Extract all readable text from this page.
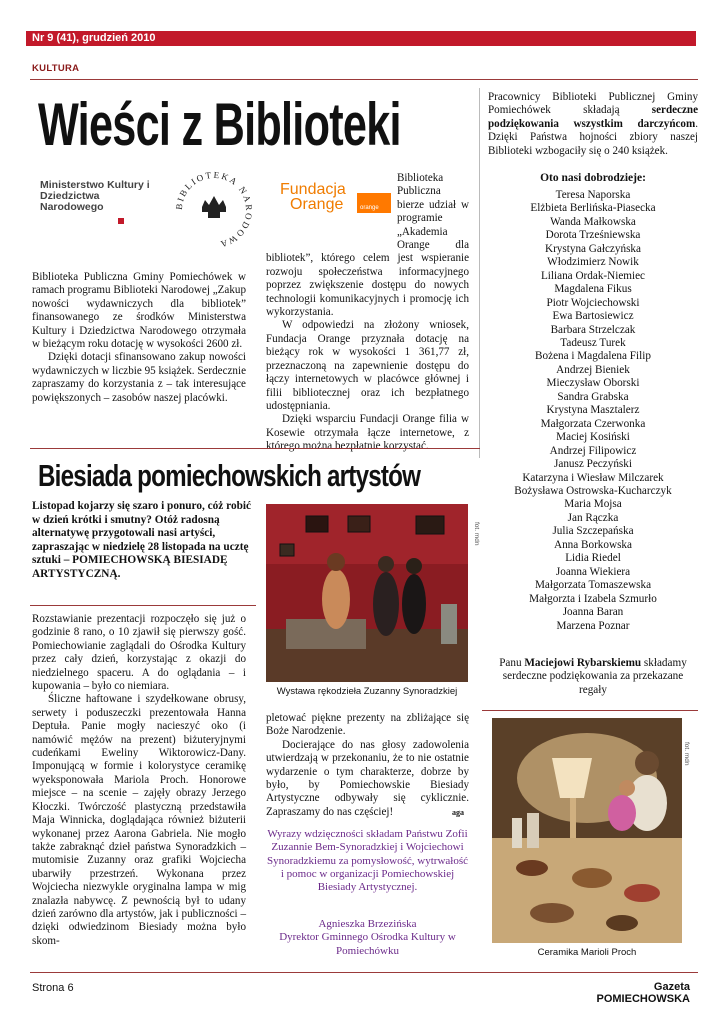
Nr 9 (41), grudzień 2010
KULTURA
Wieści z Biblioteki
Ministerstwo Kultury i Dziedzictwa Narodowego	BIBLIOTEKA NARODOWA
Fundacja
Orange	orange

Biblioteka Publiczna Gminy Pomiechówek w ramach programu Biblioteki Narodowej „Zakup nowości wydawniczych dla bibliotek” finansowanego ze środków Ministerstwa Kultury i Dziedzictwa Narodowego otrzymała w bieżącym roku dotację w wysokości 2600 zł.

Dzięki dotacji sfinansowano zakup nowości wydawniczych w liczbie 95 książek. Serdecznie zapraszamy do korzystania z – tak interesujące powiększonych – zasobów naszej placówki.

Biblioteka Publiczna bierze udział w programie „Akademia Orange dla bibliotek”, którego celem jest wspieranie rozwoju społeczeństwa informacyjnego poprzez zwiększenie dostępu do nowych technologii komunikacyjnych i promocję ich wykorzystania.

W odpowiedzi na złożony wniosek, Fundacja Orange przyznała dotację na bieżący rok w wysokości 1 361,77 zł, przeznaczoną na zapewnienie dostępu do łączy internetowych w placówce głównej i filii bibliotecznej oraz ich bezpłatnego udostępniania.

Dzięki wsparciu Fundacji Orange filia w Kosewie otrzymała łącze internetowe, z którego można bezpłatnie korzystać.

Pracownicy Biblioteki Publicznej Gminy Pomiechówek składają serdeczne podziękowania wszystkim darczyńcom. Dzięki Państwa hojności zbiory naszej Biblioteki wzbogaciły się o 240 książek.
Oto nasi dobrodzieje:
Teresa Naporska
Elżbieta Berlińska-Piasecka
Wanda Małkowska
Dorota Trześniewska
Krystyna Gałczyńska
Włodzimierz Nowik
Liliana Ordak-Niemiec
Magdalena Fikus
Piotr Wojciechowski
Ewa Bartosiewicz
Barbara Strzelczak
Tadeusz Turek
Bożena i Magdalena Filip
Andrzej Bieniek
Mieczysław Oborski
Sandra Grabska
Krystyna Masztalerz
Małgorzata Czerwonka
Maciej Kosiński
Andrzej Filipowicz
Janusz Peczyński
Katarzyna i Wiesław Milczarek
Bożysława Ostrowska-Kucharczyk
Maria Mojsa
Jan Rączka
Julia Szczepańska
Anna Borkowska
Lidia Riedel
Joanna Wiekiera
Małgorzata Tomaszewska
Małgorzta i Izabela Szmurło
Joanna Baran
Marzena Poznar
Panu Maciejowi Rybarskiemu składamy serdeczne podziękowania za przekazane regały
Biesiada pomiechowskich artystów
Listopad kojarzy się szaro i ponuro, cóż robić w dzień krótki i smutny? Otóż radosną alternatywę przygotowali nasi artyści, zapraszając w niedzielę 28 listopada na ucztę sztuki – POMIECHOWSKĄ BIESIADĘ ARTYSTYCZNĄ.

Rozstawianie prezentacji rozpoczęło się już o godzinie 8 rano, o 10 zjawił się pierwszy gość. Pomiechowianie zaglądali do Ośrodka Kultury przez cały dzień, korzystając z okazji do niedzielnego spaceru. A do oglądania – i kupowania – było co niemiara.

Śliczne haftowane i szydełkowane obrusy, serwety i poduszeczki prezentowała Hanna Deptuła. Panie mogły nacieszyć oko (i namówić mężów na prezent) biżuteryjnymi cudeńkami Eweliny Wiktorowicz-Dany. Imponującą w formie i kolorystyce ceramikę wyeksponowała Mariola Proch. Honorowe miejsce – na scenie – zajęły obrazy Jerzego Kłoczki. Twórczość plastyczną przedstawiła Maja Winnicka, doglądająca również biżuterii wykonanej przez Aarona Gabriela. Nie mogło także zabraknąć dzieł państwa Synoradzkich – mutomisie Zuzanny oraz grafiki Wojciecha ubarwiły przestrzeń. Wykonana przez Wojciecha niezwykle oryginalna lampa w mig znalazła nabywcę. Z pewnością był to udany dzień zarówno dla artystów, jak i publiczności – dzięki odwiedzinom Biesiady można było skom-

fot. mdn
Wystawa rękodzieła Zuzanny Synoradzkiej

pletować piękne prezenty na zbliżające się Boże Narodzenie.

Docierające do nas głosy zadowolenia utwierdzają w przekonaniu, że to nie ostatnie wydarzenie o tym charakterze, dobrze by było, by Pomiechowskie Biesiady Artystyczne odbywały się cyklicznie. Zapraszamy do nas częściej!	aga
Wyrazy wdzięczności składam Państwu Zofii Zuzannie Bem-Synoradzkiej i Wojciechowi Synoradzkiemu za pomysłowość, wytrwałość i pomoc w organizacji Pomiechowskiej Biesiady Artystycznej.
Agnieszka Brzezińska
Dyrektor Gminnego Ośrodka Kultury w Pomiechówku
fot. mdn
Ceramika Marioli Proch
Strona 6	Gazeta POMIECHOWSKA
